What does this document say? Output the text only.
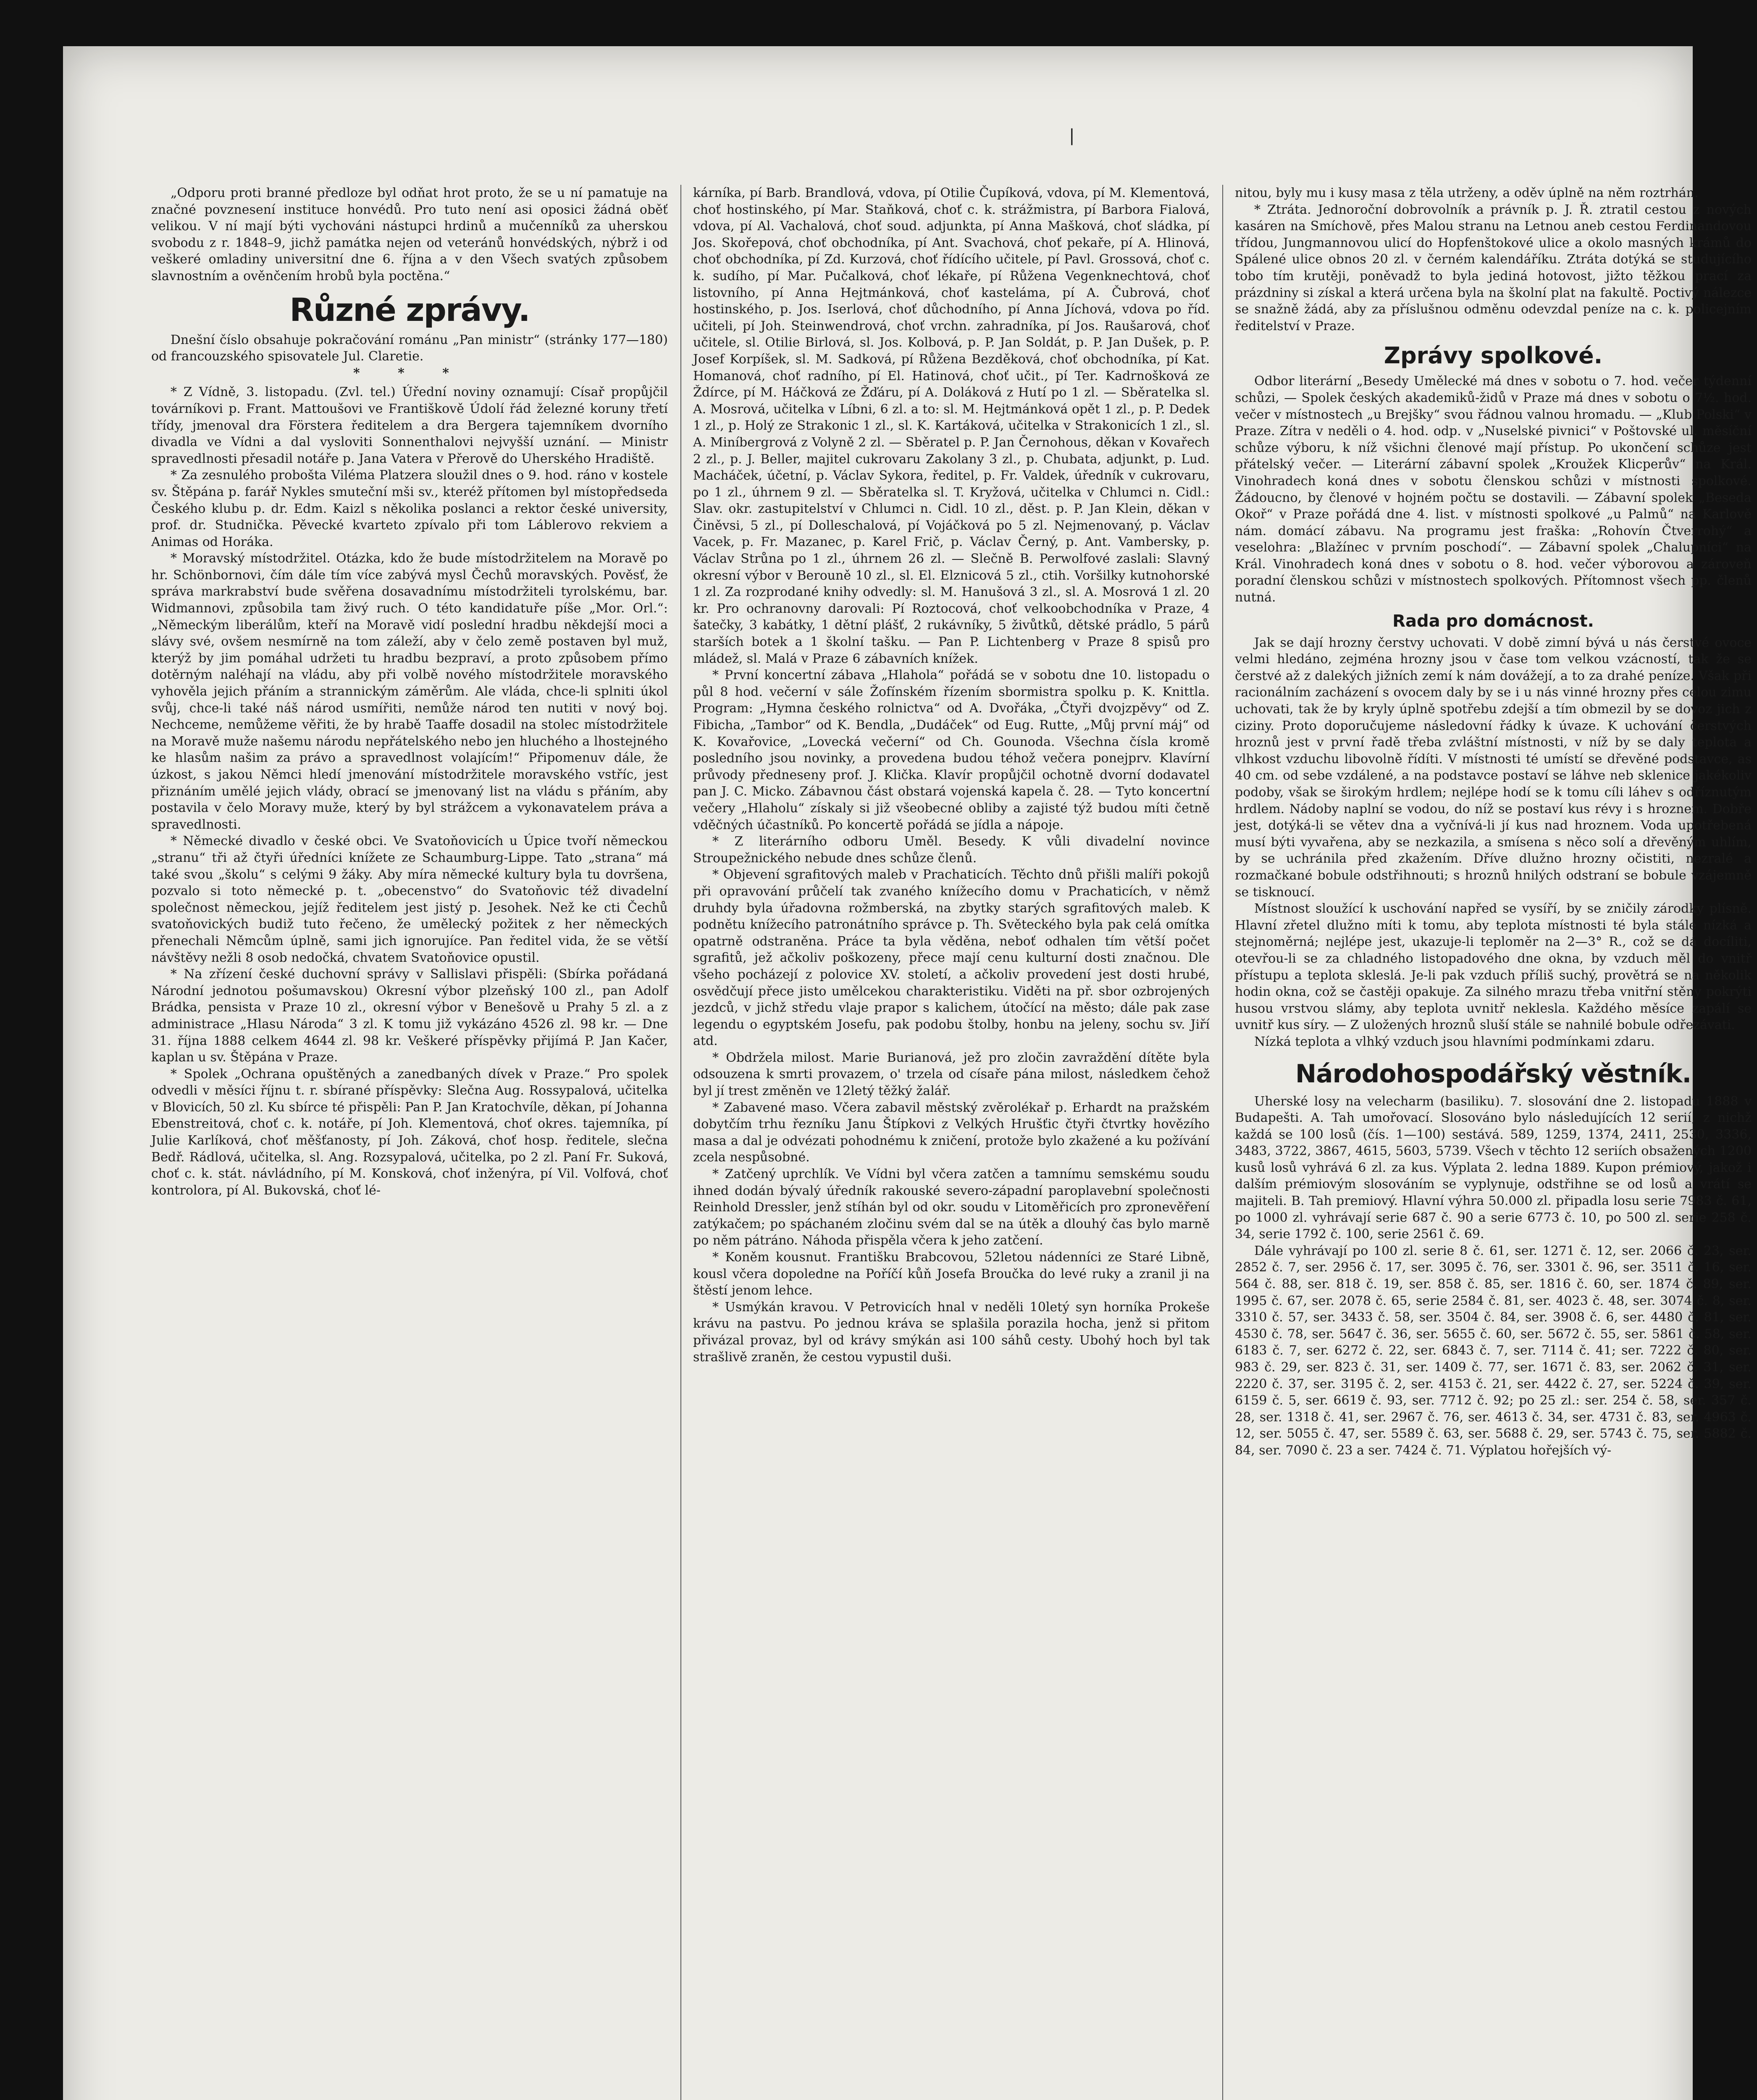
❘

„Odporu proti branné předloze byl odňat hrot proto, že se u ní pamatuje na značné povznesení instituce honvédů. Pro tuto není asi oposici žádná oběť velikou. V ní mají býti vychováni nástupci hrdinů a mučenníků za uherskou svobodu z r. 1848–9, jichž památka nejen od veteránů honvédských, nýbrž i od veškeré omladiny universitní dne 6. října a v den Všech svatých způsobem slavnostním a ověnčením hrobů byla poctěna.“

Různé zprávy.

Dnešní číslo obsahuje pokračování románu „Pan ministr“ (stránky 177—180) od francouzského spisovatele Jul. Claretie.

* * *

* Z Vídně, 3. listopadu. (Zvl. tel.) Úřední noviny oznamují: Císař propůjčil továrníkovi p. Frant. Mattoušovi ve Františkově Údolí řád železné koruny třetí třídy, jmenoval dra Förstera ředitelem a dra Bergera tajemníkem dvorního divadla ve Vídni a dal vysloviti Sonnenthalovi nejvyšší uznání. — Ministr spravedlnosti přesadil notáře p. Jana Vatera v Přerově do Uherského Hradiště.

* Za zesnulého probošta Viléma Platzera sloužil dnes o 9. hod. ráno v kostele sv. Štěpána p. farář Nykles smuteční mši sv., kteréž přítomen byl místopředseda Českého klubu p. dr. Edm. Kaizl s několika poslanci a rektor české university, prof. dr. Studnička. Pěvecké kvarteto zpívalo při tom Láblerovo rekviem a Animas od Horáka.

* Moravský místodržitel. Otázka, kdo že bude místodržitelem na Moravě po hr. Schönbornovi, čím dále tím více zabývá mysl Čechů moravských. Pověsť, že správa markrabství bude svěřena dosavadnímu místodržiteli tyrolskému, bar. Widmannovi, způsobila tam živý ruch. O této kandidatuře píše „Mor. Orl.“: „Německým liberálům, kteří na Moravě vidí poslední hradbu někdejší moci a slávy své, ovšem nesmírně na tom záleží, aby v čelo země postaven byl muž, kterýž by jim pomáhal udržeti tu hradbu bezpraví, a proto způsobem přímo dotěrným naléhají na vládu, aby při volbě nového místodržitele moravského vyhověla jejich přáním a strannickým záměrům. Ale vláda, chce-li splniti úkol svůj, chce-li také náš národ usmířiti, nemůže národ ten nutiti v nový boj. Nechceme, nemůžeme věřiti, že by hrabě Taaffe dosadil na stolec místodržitele na Moravě muže našemu národu nepřátelského nebo jen hluchého a lhostejného ke hlasům našim za právo a spravedlnost volajícím!“ Připomenuv dále, že úzkost, s jakou Němci hledí jmenování místodržitele moravského vstříc, jest přiznáním umělé jejich vlády, obrací se jmenovaný list na vládu s přáním, aby postavila v čelo Moravy muže, který by byl strážcem a vykonavatelem práva a spravedlnosti.

* Německé divadlo v české obci. Ve Svatoňovicích u Úpice tvoří německou „stranu“ tři až čtyři úředníci knížete ze Schaumburg-Lippe. Tato „strana“ má také svou „školu“ s celými 9 žáky. Aby míra německé kultury byla tu dovršena, pozvalo si toto německé p. t. „obecenstvo“ do Svatoňovic též divadelní společnost německou, jejíž ředitelem jest jistý p. Jesohek. Než ke cti Čechů svatoňovických budiž tuto řečeno, že umělecký požitek z her německých přenechali Němcům úplně, sami jich ignorujíce. Pan ředitel vida, že se větší návštěvy nežli 8 osob nedočká, chvatem Svatoňovice opustil.

* Na zřízení české duchovní správy v Sallislavi přispěli: (Sbírka pořádaná Národní jednotou pošumavskou) Okresní výbor plzeňský 100 zl., pan Adolf Brádka, pensista v Praze 10 zl., okresní výbor v Benešově u Prahy 5 zl. a z administrace „Hlasu Národa“ 3 zl. K tomu již vykázáno 4526 zl. 98 kr. — Dne 31. října 1888 celkem 4644 zl. 98 kr. Veškeré příspěvky přijímá P. Jan Kačer, kaplan u sv. Štěpána v Praze.

* Spolek „Ochrana opuštěných a zanedbaných dívek v Praze.“ Pro spolek odvedli v měsíci říjnu t. r. sbírané příspěvky: Slečna Aug. Rossypalová, učitelka v Blovicích, 50 zl. Ku sbírce té přispěli: Pan P. Jan Kratochvíle, děkan, pí Johanna Ebenstreitová, choť c. k. notáře, pí Joh. Klementová, choť okres. tajemníka, pí Julie Karlíková, choť měšťanosty, pí Joh. Záková, choť hosp. ředitele, slečna Bedř. Rádlová, učitelka, sl. Ang. Rozsypalová, učitelka, po 2 zl. Paní Fr. Suková, choť c. k. stát. návládního, pí M. Konsková, choť inženýra, pí Vil. Volfová, choť kontrolora, pí Al. Bukovská, choť lé-

kárníka, pí Barb. Brandlová, vdova, pí Otilie Čupíková, vdova, pí M. Klementová, choť hostinského, pí Mar. Staňková, choť c. k. strážmistra, pí Barbora Fialová, vdova, pí Al. Vachalová, choť soud. adjunkta, pí Anna Mašková, choť sládka, pí Jos. Skořepová, choť obchodníka, pí Ant. Svachová, choť pekaře, pí A. Hlinová, choť obchodníka, pí Zd. Kurzová, choť řídícího učitele, pí Pavl. Grossová, choť c. k. sudího, pí Mar. Pučalková, choť lékaře, pí Růžena Vegenknechtová, choť listovního, pí Anna Hejtmánková, choť kasteláma, pí A. Čubrová, choť hostinského, p. Jos. Iserlová, choť důchodního, pí Anna Jíchová, vdova po říd. učiteli, pí Joh. Steinwendrová, choť vrchn. zahradníka, pí Jos. Raušarová, choť učitele, sl. Otilie Birlová, sl. Jos. Kolbová, p. P. Jan Soldát, p. P. Jan Dušek, p. P. Josef Korpíšek, sl. M. Sadková, pí Růžena Bezděková, choť obchodníka, pí Kat. Homanová, choť radního, pí El. Hatinová, choť učit., pí Ter. Kadrnošková ze Ždírce, pí M. Háčková ze Žďáru, pí A. Doláková z Hutí po 1 zl. — Sběratelka sl. A. Mosrová, učitelka v Líbni, 6 zl. a to: sl. M. Hejtmánková opět 1 zl., p. P. Dedek 1 zl., p. Holý ze Strakonic 1 zl., sl. K. Kartáková, učitelka v Strakonicích 1 zl., sl. A. Miníbergrová z Volyně 2 zl. — Sběratel p. P. Jan Černohous, děkan v Kovařech 2 zl., p. J. Beller, majitel cukrovaru Zakolany 3 zl., p. Chubata, adjunkt, p. Lud. Macháček, účetní, p. Václav Sykora, ředitel, p. Fr. Valdek, úředník v cukrovaru, po 1 zl., úhrnem 9 zl. — Sběratelka sl. T. Kryžová, učitelka v Chlumci n. Cidl.: Slav. okr. zastupitelství v Chlumci n. Cidl. 10 zl., děst. p. P. Jan Klein, děkan v Činěvsi, 5 zl., pí Dolleschalová, pí Vojáčková po 5 zl. Nejmenovaný, p. Václav Vacek, p. Fr. Mazanec, p. Karel Frič, p. Václav Černý, p. Ant. Vambersky, p. Václav Strůna po 1 zl., úhrnem 26 zl. — Slečně B. Perwolfové zaslali: Slavný okresní výbor v Berouně 10 zl., sl. El. Elznicová 5 zl., ctih. Voršilky kutnohorské 1 zl. Za rozprodané knihy odvedly: sl. M. Hanušová 3 zl., sl. A. Mosrová 1 zl. 20 kr. Pro ochranovny darovali: Pí Roztocová, choť velkoobchodníka v Praze, 4 šatečky, 3 kabátky, 1 dětní plášť, 2 rukávníky, 5 živůtků, dětské prádlo, 5 párů starších botek a 1 školní tašku. — Pan P. Lichtenberg v Praze 8 spisů pro mládež, sl. Malá v Praze 6 zábavních knížek.

* První koncertní zábava „Hlahola“ pořádá se v sobotu dne 10. listopadu o půl 8 hod. večerní v sále Žofínském řízením sbormistra spolku p. K. Knittla. Program: „Hymna českého rolnictva“ od A. Dvořáka, „Čtyři dvojzpěvy“ od Z. Fibicha, „Tambor“ od K. Bendla, „Dudáček“ od Eug. Rutte, „Můj první máj“ od K. Kovařovice, „Lovecká večerní“ od Ch. Gounoda. Všechna čísla kromě posledního jsou novinky, a provedena budou téhož večera ponejprv. Klavírní průvody předneseny prof. J. Klička. Klavír propůjčil ochotně dvorní dodavatel pan J. C. Micko. Zábavnou část obstará vojenská kapela č. 28. — Tyto koncertní večery „Hlaholu“ získaly si již všeobecné obliby a zajisté týž budou míti četně vděčných účastníků. Po koncertě pořádá se jídla a nápoje.

* Z literárního odboru Uměl. Besedy. K vůli divadelní novince Stroupežnického nebude dnes schůze členů.

* Objevení sgrafitových maleb v Prachaticích. Těchto dnů přišli malíři pokojů při opravování průčelí tak zvaného knížecího domu v Prachaticích, v němž druhdy byla úřadovna rožmberská, na zbytky starých sgrafitových maleb. K podnětu knížecího patronátního správce p. Th. Světeckého byla pak celá omítka opatrně odstraněna. Práce ta byla věděna, neboť odhalen tím větší počet sgrafitů, jež ačkoliv poškozeny, přece mají cenu kulturní dosti značnou. Dle všeho pocházejí z polovice XV. století, a ačkoliv provedení jest dosti hrubé, osvědčují přece jisto umělcekou charakteristiku. Viděti na př. sbor ozbrojených jezdců, v jichž středu vlaje prapor s kalichem, útočící na město; dále pak zase legendu o egyptském Josefu, pak podobu štolby, honbu na jeleny, sochu sv. Jiří atd.

* Obdržela milost. Marie Burianová, jež pro zločin zavraždění dítěte byla odsouzena k smrti provazem, o' trzela od císaře pána milost, následkem čehož byl jí trest změněn ve 12letý těžký žalář.

* Zabavené maso. Včera zabavil městský zvěrolékař p. Erhardt na pražském dobytčím trhu řezníku Janu Štípkovi z Velkých Hrušťic čtyři čtvrtky hovězího masa a dal je odvézati pohodnému k zničení, protože bylo zkažené a ku požívání zcela nespůsobné.

* Zatčený uprchlík. Ve Vídni byl včera zatčen a tamnímu semskému soudu ihned dodán bývalý úředník rakouské severo-západní paroplavební společnosti Reinhold Dressler, jenž stíhán byl od okr. soudu v Litoměřicích pro zpronevěření zatýkačem; po spáchaném zločinu svém dal se na útěk a dlouhý čas bylo marně po něm pátráno. Náhoda přispěla včera k jeho zatčení.

* Koněm kousnut. Františku Brabcovou, 52letou nádenníci ze Staré Libně, kousl včera dopoledne na Poříčí kůň Josefa Broučka do levé ruky a zranil ji na štěstí jenom lehce.

* Usmýkán kravou. V Petrovicích hnal v neděli 10letý syn horníka Prokeše krávu na pastvu. Po jednou kráva se splašila porazila hocha, jenž si přitom přivázal provaz, byl od krávy smýkán asi 100 sáhů cesty. Ubohý hoch byl tak strašlivě zraněn, že cestou vypustil duši.

nitou, byly mu i kusy masa z těla utrženy, a oděv úplně na něm roztrhán.

* Ztráta. Jednoroční dobrovolník a právník p. J. Ř. ztratil cestou z nových kasáren na Smíchově, přes Malou stranu na Letnou aneb cestou Ferdinandovou třídou, Jungmannovou ulicí do Hopfenštokové ulice a okolo masných krámů do Spálené ulice obnos 20 zl. v černém kalendáříku. Ztráta dotýká se studujícího tobo tím krutěji, poněvadž to byla jediná hotovost, jižto těžkou prací za prázdniny si získal a která určena byla na školní plat na fakultě. Poctivý nálezce se snažně žádá, aby za příslušnou odměnu odevzdal peníze na c. k. policejním ředitelství v Praze.

Zprávy spolkové.

Odbor literární „Besedy Umělecké má dnes v sobotu o 7. hod. večer týdenní schůzi, — Spolek českých akademiků-židů v Praze má dnes v sobotu o 7½. hod. večer v místnostech „u Brejšky“ svou řádnou valnou hromadu. — „Klub Polski“ v Praze. Zítra v neděli o 4. hod. odp. v „Nuselské pivnici“ v Poštovské ul. měsíční schůze výboru, k níž všichni členové mají přístup. Po ukončení schůze jest přátelský večer. — Literární zábavní spolek „Kroužek Klicperův“ na Král. Vinohradech koná dnes v sobotu členskou schůzi v místnosti spolkové. Žádoucno, by členové v hojném počtu se dostavili. — Zábavní spolek „Beseda Okoř“ v Praze pořádá dne 4. list. v místnosti spolkové „u Palmů“ na Karlově nám. domácí zábavu. Na programu jest fraška: „Rohovín Čtverrohý“ a veselohra: „Blažínec v prvním poschodí“. — Zábavní spolek „Chalupníci“ na Král. Vinohradech koná dnes v sobotu o 8. hod. večer výborovou a zároveň poradní členskou schůzi v místnostech spolkových. Přítomnost všech pp. členů nutná.

Rada pro domácnost.

Jak se dají hrozny čerstvy uchovati. V době zimní bývá u nás čerstvé ovoce velmi hledáno, zejména hrozny jsou v čase tom velkou vzácností, tak že se čerstvé až z dalekých jižních zemí k nám dovážejí, a to za drahé peníze. Však při racionálním zacházení s ovocem daly by se i u nás vinné hrozny přes celou zimu uchovati, tak že by kryly úplně spotřebu zdejší a tím obmezil by se dovoz jich z ciziny. Proto doporučujeme následovní řádky k úvaze. K uchování čerstvých hroznů jest v první řadě třeba zvláštní místnosti, v níž by se daly teplota a vlhkost vzduchu libovolně řídíti. V místnosti té umístí se dřevěné podstavce, as 40 cm. od sebe vzdálené, a na podstavce postaví se láhve neb sklenice jakékoliv podoby, však se širokým hrdlem; nejlépe hodí se k tomu cíli láhev s odříznutým hrdlem. Nádoby naplní se vodou, do níž se postaví kus révy i s hroznem. Dobře jest, dotýká-li se větev dna a vyčnívá-li jí kus nad hroznem. Voda upotřebená musí býti vyvařena, aby se nezkazila, a smísena s něco solí a dřevěným uhlím, by se uchránila před zkažením. Dříve dlužno hrozny očistiti, nezralé a rozmačkané bobule odstřihnouti; s hroznů hnilých odstraní se bobule vzájemně se tisknoucí.

Místnost sloužící k uschování napřed se vysíří, by se zničily zárodky plísně. Hlavní zřetel dlužno míti k tomu, aby teplota místnosti té byla stále nízká a stejnoměrná; nejlépe jest, ukazuje-li teploměr na 2—3° R., což se dá docíliti, otevřou-li se za chladného listopadového dne okna, by vzduch měl do vnitř přístupu a teplota skleslá. Je-li pak vzduch příliš suchý, provětrá se na několik hodin okna, což se častěji opakuje. Za silného mrazu třeba vnitřní stěny pokrýti husou vrstvou slámy, aby teplota uvnitř neklesla. Každého měsíce zapálí se uvnitř kus síry. — Z uložených hroznů sluší stále se nahnilé bobule odřezávati.

Nízká teplota a vlhký vzduch jsou hlavními podmínkami zdaru.

Národohospodářský věstník.

Uherské losy na velecharm (basiliku). 7. slosování dne 2. listopadu 1888 v Budapešti. A. Tah umořovací. Slosováno bylo následujících 12 serií, z nichž každá se 100 losů (čís. 1—100) sestává. 589, 1259, 1374, 2411, 2530, 3336, 3483, 3722, 3867, 4615, 5603, 5739. Všech v těchto 12 seriích obsažených 1200 kusů losů vyhrává 6 zl. za kus. Výplata 2. ledna 1889. Kupon prémiový, jakož i dalším prémiovým slosováním se vyplynuje, odstřihne se od losů a vrátí se majiteli. B. Tah premiový. Hlavní výhra 50.000 zl. připadla losu serie 7983 č. 61, po 1000 zl. vyhrávají serie 687 č. 90 a serie 6773 č. 10, po 500 zl. serie 258 č. 34, serie 1792 č. 100, serie 2561 č. 69.

Dále vyhrávají po 100 zl. serie 8 č. 61, ser. 1271 č. 12, ser. 2066 č. 23, ser. 2852 č. 7, ser. 2956 č. 17, ser. 3095 č. 76, ser. 3301 č. 96, ser. 3511 č. 16, ser. 564 č. 88, ser. 818 č. 19, ser. 858 č. 85, ser. 1816 č. 60, ser. 1874 č. 89, ser. 1995 č. 67, ser. 2078 č. 65, serie 2584 č. 81, ser. 4023 č. 48, ser. 3074 č. 8, ser. 3310 č. 57, ser. 3433 č. 58, ser. 3504 č. 84, ser. 3908 č. 6, ser. 4480 č. 81, ser. 4530 č. 78, ser. 5647 č. 36, ser. 5655 č. 60, ser. 5672 č. 55, ser. 5861 č. 58, ser. 6183 č. 7, ser. 6272 č. 22, ser. 6843 č. 7, ser. 7114 č. 41; ser. 7222 č. 80, ser. 983 č. 29, ser. 823 č. 31, ser. 1409 č. 77, ser. 1671 č. 83, ser. 2062 č. 31, ser. 2220 č. 37, ser. 3195 č. 2, ser. 4153 č. 21, ser. 4422 č. 27, ser. 5224 č. 39, ser. 6159 č. 5, ser. 6619 č. 93, ser. 7712 č. 92; po 25 zl.: ser. 254 č. 58, ser. 357 č. 28, ser. 1318 č. 41, ser. 2967 č. 76, ser. 4613 č. 34, ser. 4731 č. 83, ser. 4963 č. 12, ser. 5055 č. 47, ser. 5589 č. 63, ser. 5688 č. 29, ser. 5743 č. 75, ser. 5882 č. 84, ser. 7090 č. 23 a ser. 7424 č. 71. Výplatou hořejších vý-
